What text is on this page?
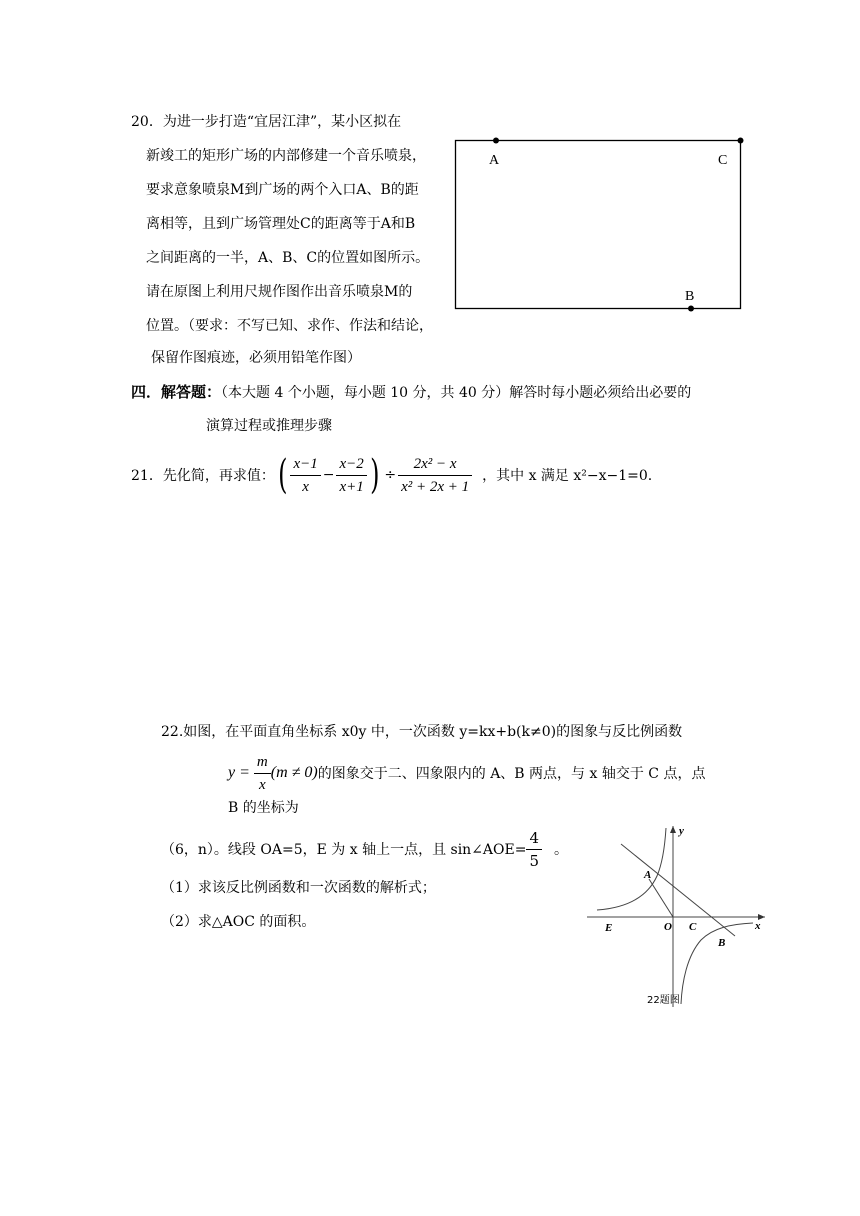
20．为进一步打造“宜居江津”，某小区拟在
新竣工的矩形广场的内部修建一个音乐喷泉，
要求意象喷泉M到广场的两个入口A、B的距
离相等，且到广场管理处C的距离等于A和B
之间距离的一半，A、B、C的位置如图所示。
请在原图上利用尺规作图作出音乐喷泉M的
位置。（要求：不写已知、求作、作法和结论，
保留作图痕迹，必须用铅笔作图）
A	C
B
四．解答题：（本大题 4 个小题，每小题 10 分，共 40 分）解答时每小题必须给出必要的
演算过程或推理步骤
21．先化简，再求值： ( $\frac{x-1}{x} - \frac{x-2}{x+1}$ ) ÷ $\frac{\text{2x² − x}}{\text{x² + 2x + 1}}$ ，其中 x 满足 x²−x−1=0.
22.如图，在平面直角坐标系 x0y 中，一次函数 y=kx+b(k≠0)的图象与反比例函数
$y = \frac{m}{x} (m \ne 0)$ 的图象交于二、四象限内的 A、B 两点，与 x 轴交于 C 点，点
B 的坐标为
（6，n）。线段 OA=5，E 为 x 轴上一点，且 sin∠AOE= $\frac{4}{5}$ 。
（1）求该反比例函数和一次函数的解析式；
（2）求△AOC 的面积。
y
x
A
E	O C
B
22题图
